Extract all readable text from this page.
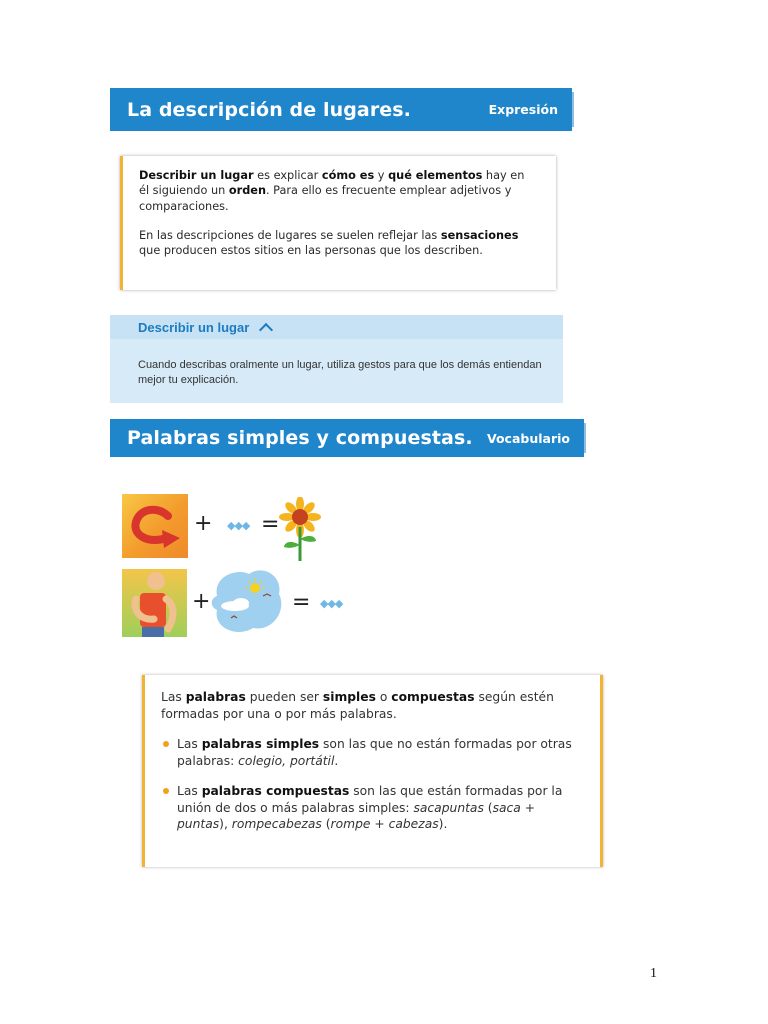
La descripción de lugares.	Expresión

Describir un lugar es explicar cómo es y qué elementos hay en él siguiendo un orden. Para ello es frecuente emplear adjetivos y comparaciones.

En las descripciones de lugares se suelen reflejar las sensaciones que producen estos sitios en las personas que los describen.

Describir un lugar
Cuando describas oralmente un lugar, utiliza gestos para que los demás entiendan mejor tu explicación.
Palabras simples y compuestas. Vocabulario
+ ◆◆◆ =
+	= ◆◆◆

Las palabras pueden ser simples o compuestas según estén formadas por una o por más palabras.

Las palabras simples son las que no están formadas por otras palabras: colegio, portátil.
Las palabras compuestas son las que están formadas por la unión de dos o más palabras simples: sacapuntas (saca + puntas), rompecabezas (rompe + cabezas).
1
